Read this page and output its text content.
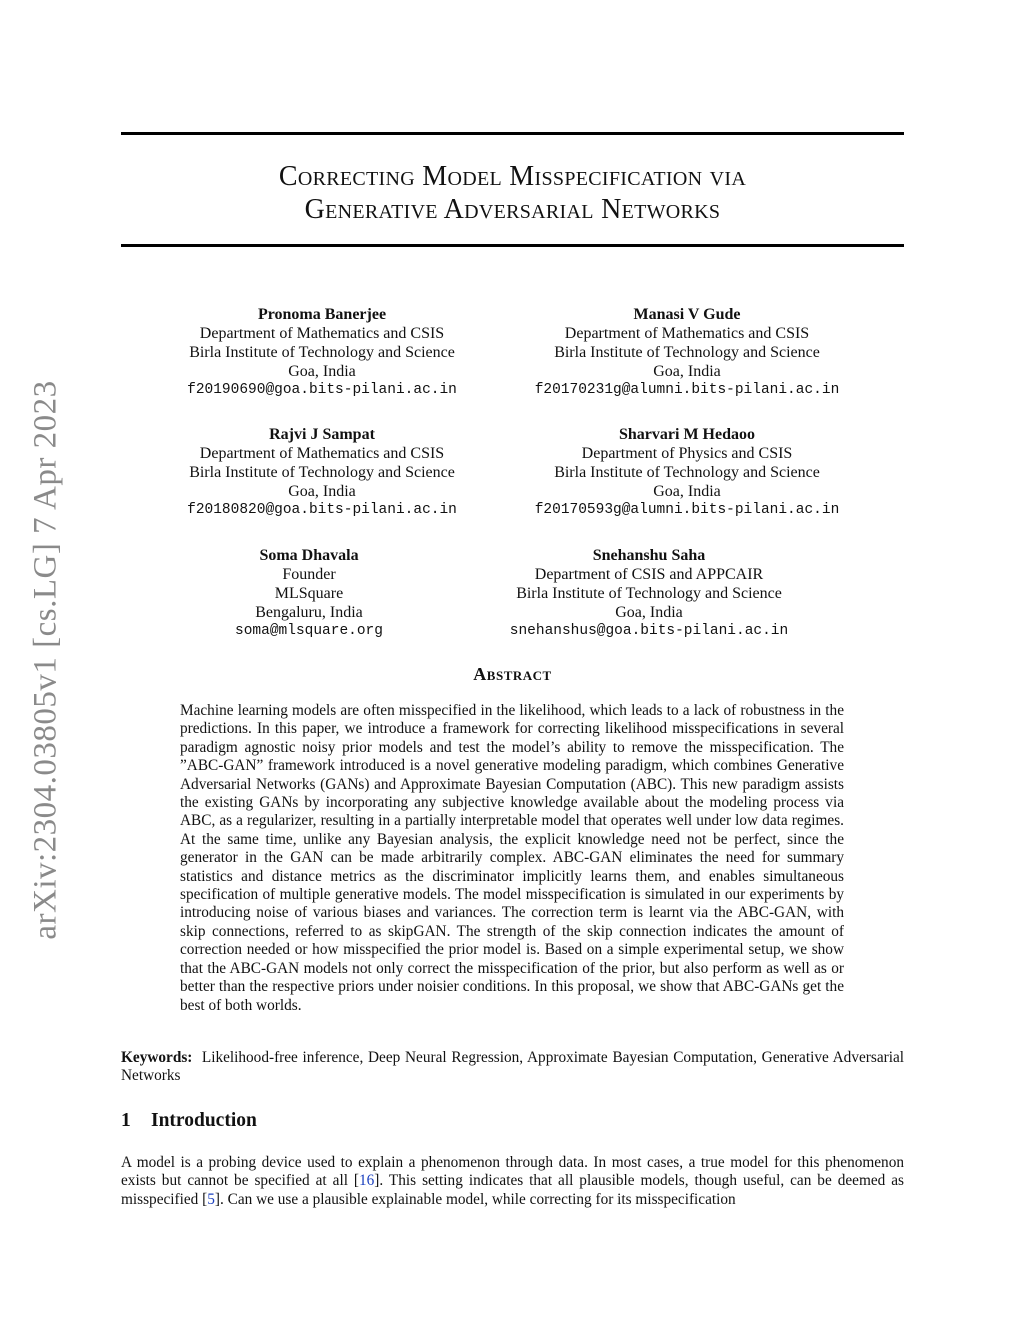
arXiv:2304.03805v1 [cs.LG] 7 Apr 2023
Correcting Model Misspecification via
Generative Adversarial Networks
Pronoma Banerjee
Department of Mathematics and CSIS
Birla Institute of Technology and Science
Goa, India
f20190690@goa.bits-pilani.ac.in
Manasi V Gude
Department of Mathematics and CSIS
Birla Institute of Technology and Science
Goa, India
f20170231g@alumni.bits-pilani.ac.in
Rajvi J Sampat
Department of Mathematics and CSIS
Birla Institute of Technology and Science
Goa, India
f20180820@goa.bits-pilani.ac.in
Sharvari M Hedaoo
Department of Physics and CSIS
Birla Institute of Technology and Science
Goa, India
f20170593g@alumni.bits-pilani.ac.in
Soma Dhavala
Founder
MLSquare
Bengaluru, India
soma@mlsquare.org
Snehanshu Saha
Department of CSIS and APPCAIR
Birla Institute of Technology and Science
Goa, India
snehanshus@goa.bits-pilani.ac.in
Abstract

Machine learning models are often misspecified in the likelihood, which leads to a lack of robustness in the predictions. In this paper, we introduce a framework for correcting likelihood misspecifications in several paradigm agnostic noisy prior models and test the model’s ability to remove the misspecification. The ”ABC-GAN” framework introduced is a novel generative modeling paradigm, which combines Generative Adversarial Networks (GANs) and Approximate Bayesian Computation (ABC). This new paradigm assists the existing GANs by incorporating any subjective knowledge available about the modeling process via ABC, as a regularizer, resulting in a partially interpretable model that operates well under low data regimes. At the same time, unlike any Bayesian analysis, the explicit knowledge need not be perfect, since the generator in the GAN can be made arbitrarily complex. ABC-GAN eliminates the need for summary statistics and distance metrics as the discriminator implicitly learns them, and enables simultaneous specification of multiple generative models. The model misspecification is simulated in our experiments by introducing noise of various biases and variances. The correction term is learnt via the ABC-GAN, with skip connections, referred to as skipGAN. The strength of the skip connection indicates the amount of correction needed or how misspecified the prior model is. Based on a simple experimental setup, we show that the ABC-GAN models not only correct the misspecification of the prior, but also perform as well as or better than the respective priors under noisier conditions. In this proposal, we show that ABC-GANs get the best of both worlds.

Keywords: Likelihood-free inference, Deep Neural Regression, Approximate Bayesian Computation, Generative Adversarial Networks

1 Introduction

A model is a probing device used to explain a phenomenon through data. In most cases, a true model for this phenomenon exists but cannot be specified at all [16]. This setting indicates that all plausible models, though useful, can be deemed as misspecified [5]. Can we use a plausible explainable model, while correcting for its misspecification
